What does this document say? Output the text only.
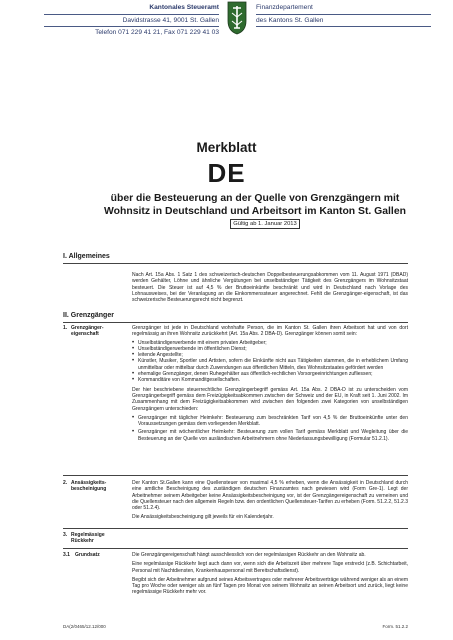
Kantonales Steueramt
Davidstrasse 41, 9001 St. Gallen
Telefon 071 229 41 21, Fax 071 229 41 03
Finanzdepartement
des Kantons St. Gallen
Merkblatt
DE
über die Besteuerung an der Quelle von Grenzgängern mit
Wohnsitz in Deutschland und Arbeitsort im Kanton St. Gallen
Gültig ab 1. Januar 2013
I. Allgemeines
Nach Art. 15a Abs. 1 Satz 1 des schweizerisch-deutschen Doppelbesteuerungsabkommen vom 11. August 1971 (DBAD) werden Gehälter, Löhne und ähnliche Vergütungen bei unselbständiger Tätigkeit des Grenzgängers im Wohnsitzstaat besteuert. Die Steuer ist auf 4,5 % der Bruttoeinkünfte beschränkt und wird in Deutschland nach Vorlage des Lohnausweises, bei der Veranlagung an die Einkommenssteuer angerechnet. Fehlt die Grenzgänger-eigenschaft, ist das schweizerische Besteuerungsrecht nicht begrenzt.
II. Grenzgänger
1. Grenzgänger-eigenschaft
Grenzgänger ist jede in Deutschland wohnhafte Person, die im Kanton St. Gallen ihren Arbeitsort hat und von dort regelmässig an ihren Wohnsitz zurückkehrt (Art. 15a Abs. 2 DBA-D). Grenzgänger können somit sein:
• Unselbständigerwerbende mit einem privaten Arbeitgeber;
• Unselbständigerwerbende im öffentlichen Dienst;
• leitende Angestellte;
• Künstler, Musiker, Sportler und Artisten, sofern die Einkünfte nicht aus Tätigkeiten stammen, die in erheblichem Umfang unmittelbar oder mittelbar durch Zuwendungen aus öffentlichen Mitteln, dies Wohnsitzstaates gefördert werden
• ehemalige Grenzgänger, denen Ruhegehälter aus öffentlich-rechtlichen Vorsorgeeinrichtungen zufliessen;
• Kommanditäre von Kommanditgesellschaften.
Der hier beschriebene steuerrechtliche Grenzgängerbegriff gemäss Art. 15a Abs. 2 DBA-D ist zu unterscheiden vom Grenzgängerbegriff gemäss dem Freizügigkeitsabkommen zwischen der Schweiz und der EU, in Kraft seit 1. Juni 2002. Im Zusammenhang mit dem Freizügigkeitsabkommen wird zwischen den folgenden zwei Kategorien von unselbständigen Grenzgängern unterschieden:
• Grenzgänger mit täglicher Heimkehr: Besteuerung zum beschränkten Tarif von 4,5 % der Bruttoeinkünfte unter den Voraussetzungen gemäss dem vorliegenden Merkblatt.
• Grenzgänger mit wöchentlicher Heimkehr: Besteuerung zum vollen Tarif gemäss Merkblatt und Wegleitung über die Besteuerung an der Quelle von ausländischen Arbeitnehmern ohne Niederlassungsbewilligung (Formular 51.2.1).
2. Ansässigkeits-bescheinigung
Der Kanton St.Gallen kann eine Quellensteuer von maximal 4,5 % erheben, wenn die Ansässigkeit in Deutschland durch eine amtliche Bescheinigung des zuständigen deutschen Finanzamtes nach gewiesen wird (Form Gre-1). Legt der Arbeitnehmer seinem Arbeitgeber keine Ansässigkeitsbescheinigung vor, ist der Grenzgängereigenschaft zu verneinen und die Quellensteuer nach den allgemein Regeln bzw. den ordentlichen Quellensteuer-Tarifen zu erheben (Form. 51.2.2, 51.2.3 oder 51.2.4).
Die Ansässigkeitsbescheinigung gilt jeweils für ein Kalenderjahr.
3. Regelmässige Rückkehr
3.1 Grundsatz	Die Grenzgängereigenschaft hängt ausschliesslich von der regelmässigen Rückkehr an den Wohnsitz ab.
Eine regelmässige Rückkehr liegt auch dann vor, wenn sich die Arbeitszeit über mehrere Tage erstreckt (z.B. Schichtarbeit, Personal mit Nachtdiensten, Krankenhauspersonal mit Bereitschaftsdienst).
Begibt sich der Arbeitnehmer aufgrund seines Arbeitsvertrages oder mehrerer Arbeitsverträge während weniger als an einem Tag pro Woche oder weniger als an fünf Tagen pro Monat von seinem Wohnsitz an seinen Arbeitsort und zurück, liegt keine regelmässige Rückkehr mehr vor.
DA(2/0465/12.12/000	Form. 51.2.2
